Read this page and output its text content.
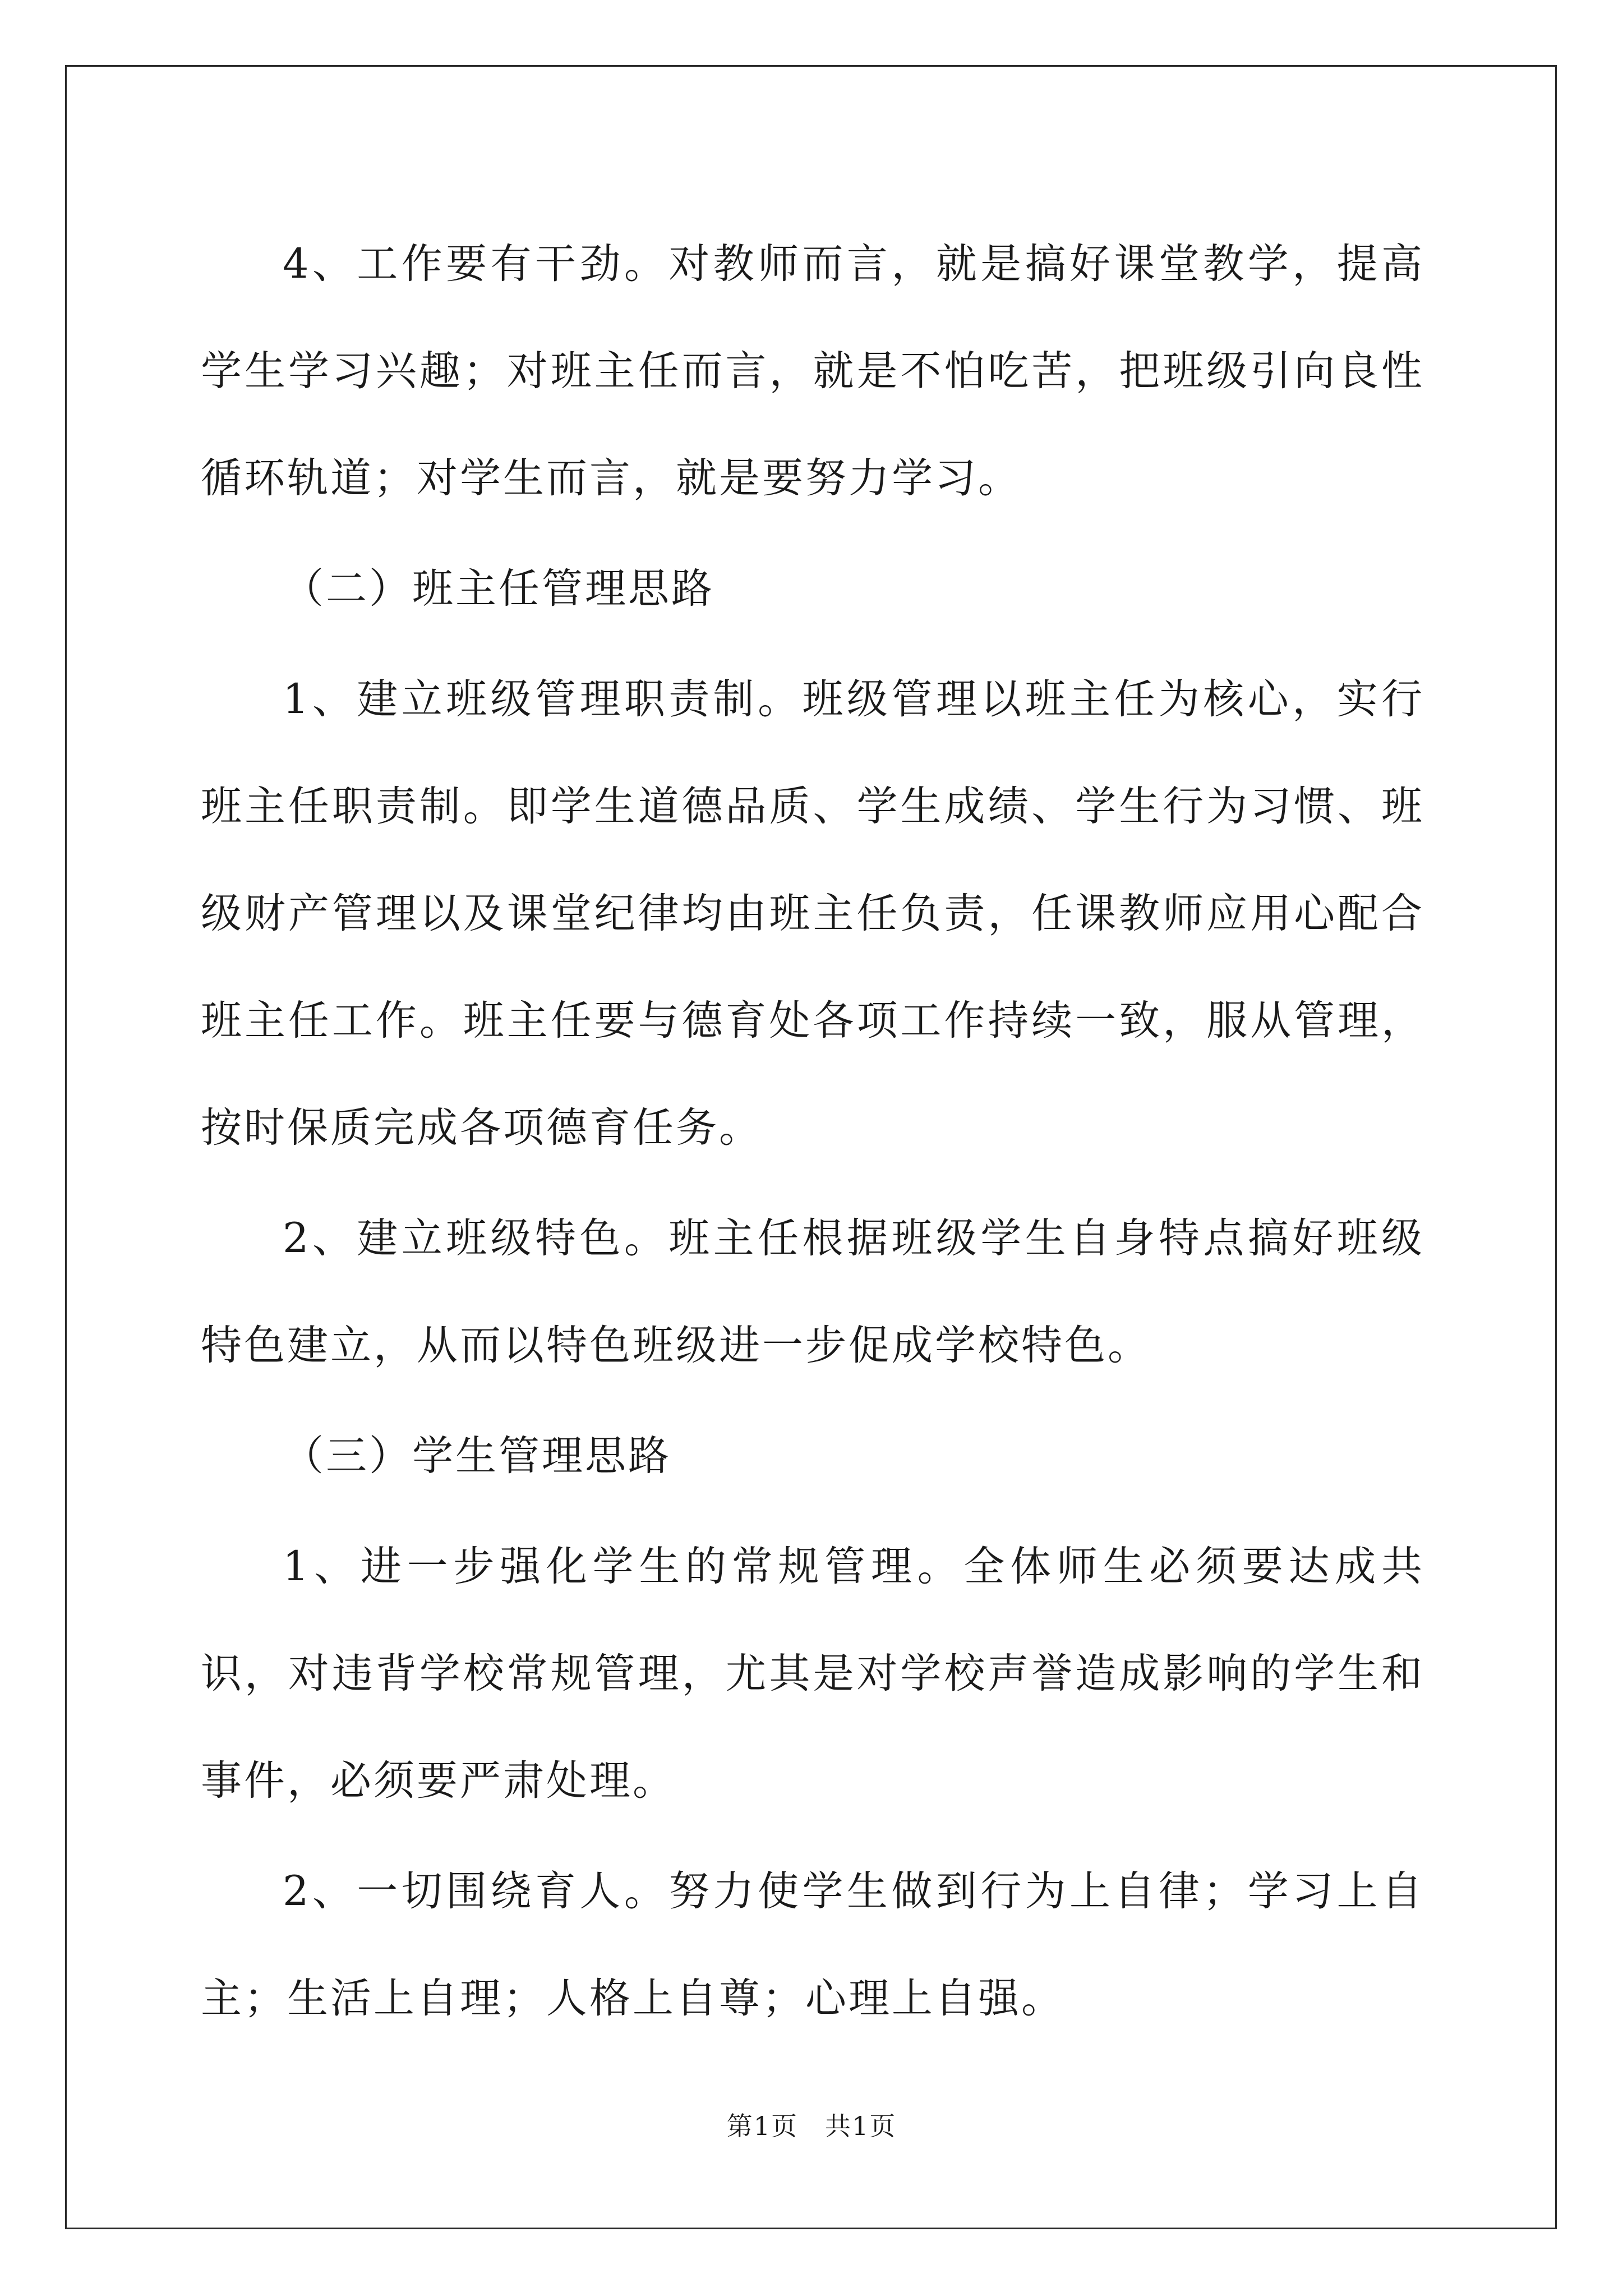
4、工作要有干劲。对教师而言，就是搞好课堂教学，提高学生学习兴趣；对班主任而言，就是不怕吃苦，把班级引向良性循环轨道；对学生而言，就是要努力学习。

（二）班主任管理思路

1、建立班级管理职责制。班级管理以班主任为核心，实行班主任职责制。即学生道德品质、学生成绩、学生行为习惯、班级财产管理以及课堂纪律均由班主任负责，任课教师应用心配合班主任工作。班主任要与德育处各项工作持续一致，服从管理，按时保质完成各项德育任务。

2、建立班级特色。班主任根据班级学生自身特点搞好班级特色建立，从而以特色班级进一步促成学校特色。

（三）学生管理思路

1、进一步强化学生的常规管理。全体师生必须要达成共识，对违背学校常规管理，尤其是对学校声誉造成影响的学生和事件，必须要严肃处理。

2、一切围绕育人。努力使学生做到行为上自律；学习上自主；生活上自理；人格上自尊；心理上自强。

第1页　共1页
